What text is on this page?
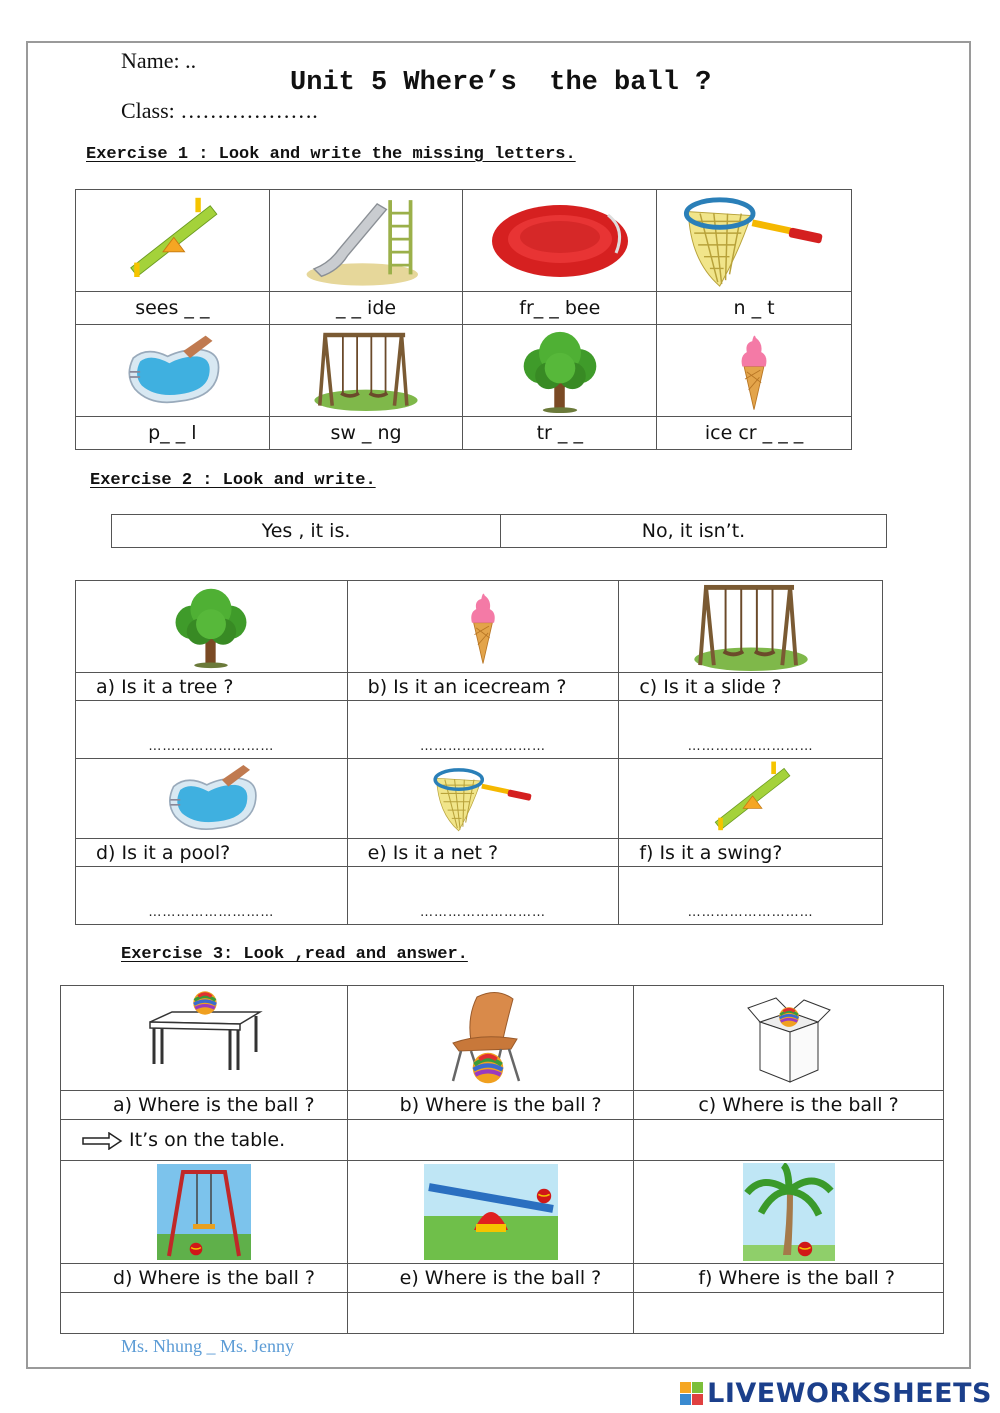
Name: ..
Class: ……………….
Unit 5 Where’s  the ball ?
Exercise 1 : Look and write the missing letters.

sees _ _	_ _ ide	fr_ _ bee	n _ t

p_ _ l	sw _ ng	tr _ _	ice cr _ _ _
Exercise 2 : Look and write.
Yes , it is.	No, it isn’t.

a) Is it a tree ?	b) Is it an icecream ?	c) Is it a slide ?
………………………	………………………	………………………

d) Is it a pool?	e) Is it a net ?	f) Is it a swing?
………………………	………………………	………………………
Exercise 3: Look ,read and answer.

a) Where is the ball ?	b) Where is the ball ?	c) Where is the ball ?
It’s on the table.		

d) Where is the ball ?	e) Where is the ball ?	f) Where is the ball ?

Ms. Nhung _ Ms. Jenny
LIVEWORKSHEETS
